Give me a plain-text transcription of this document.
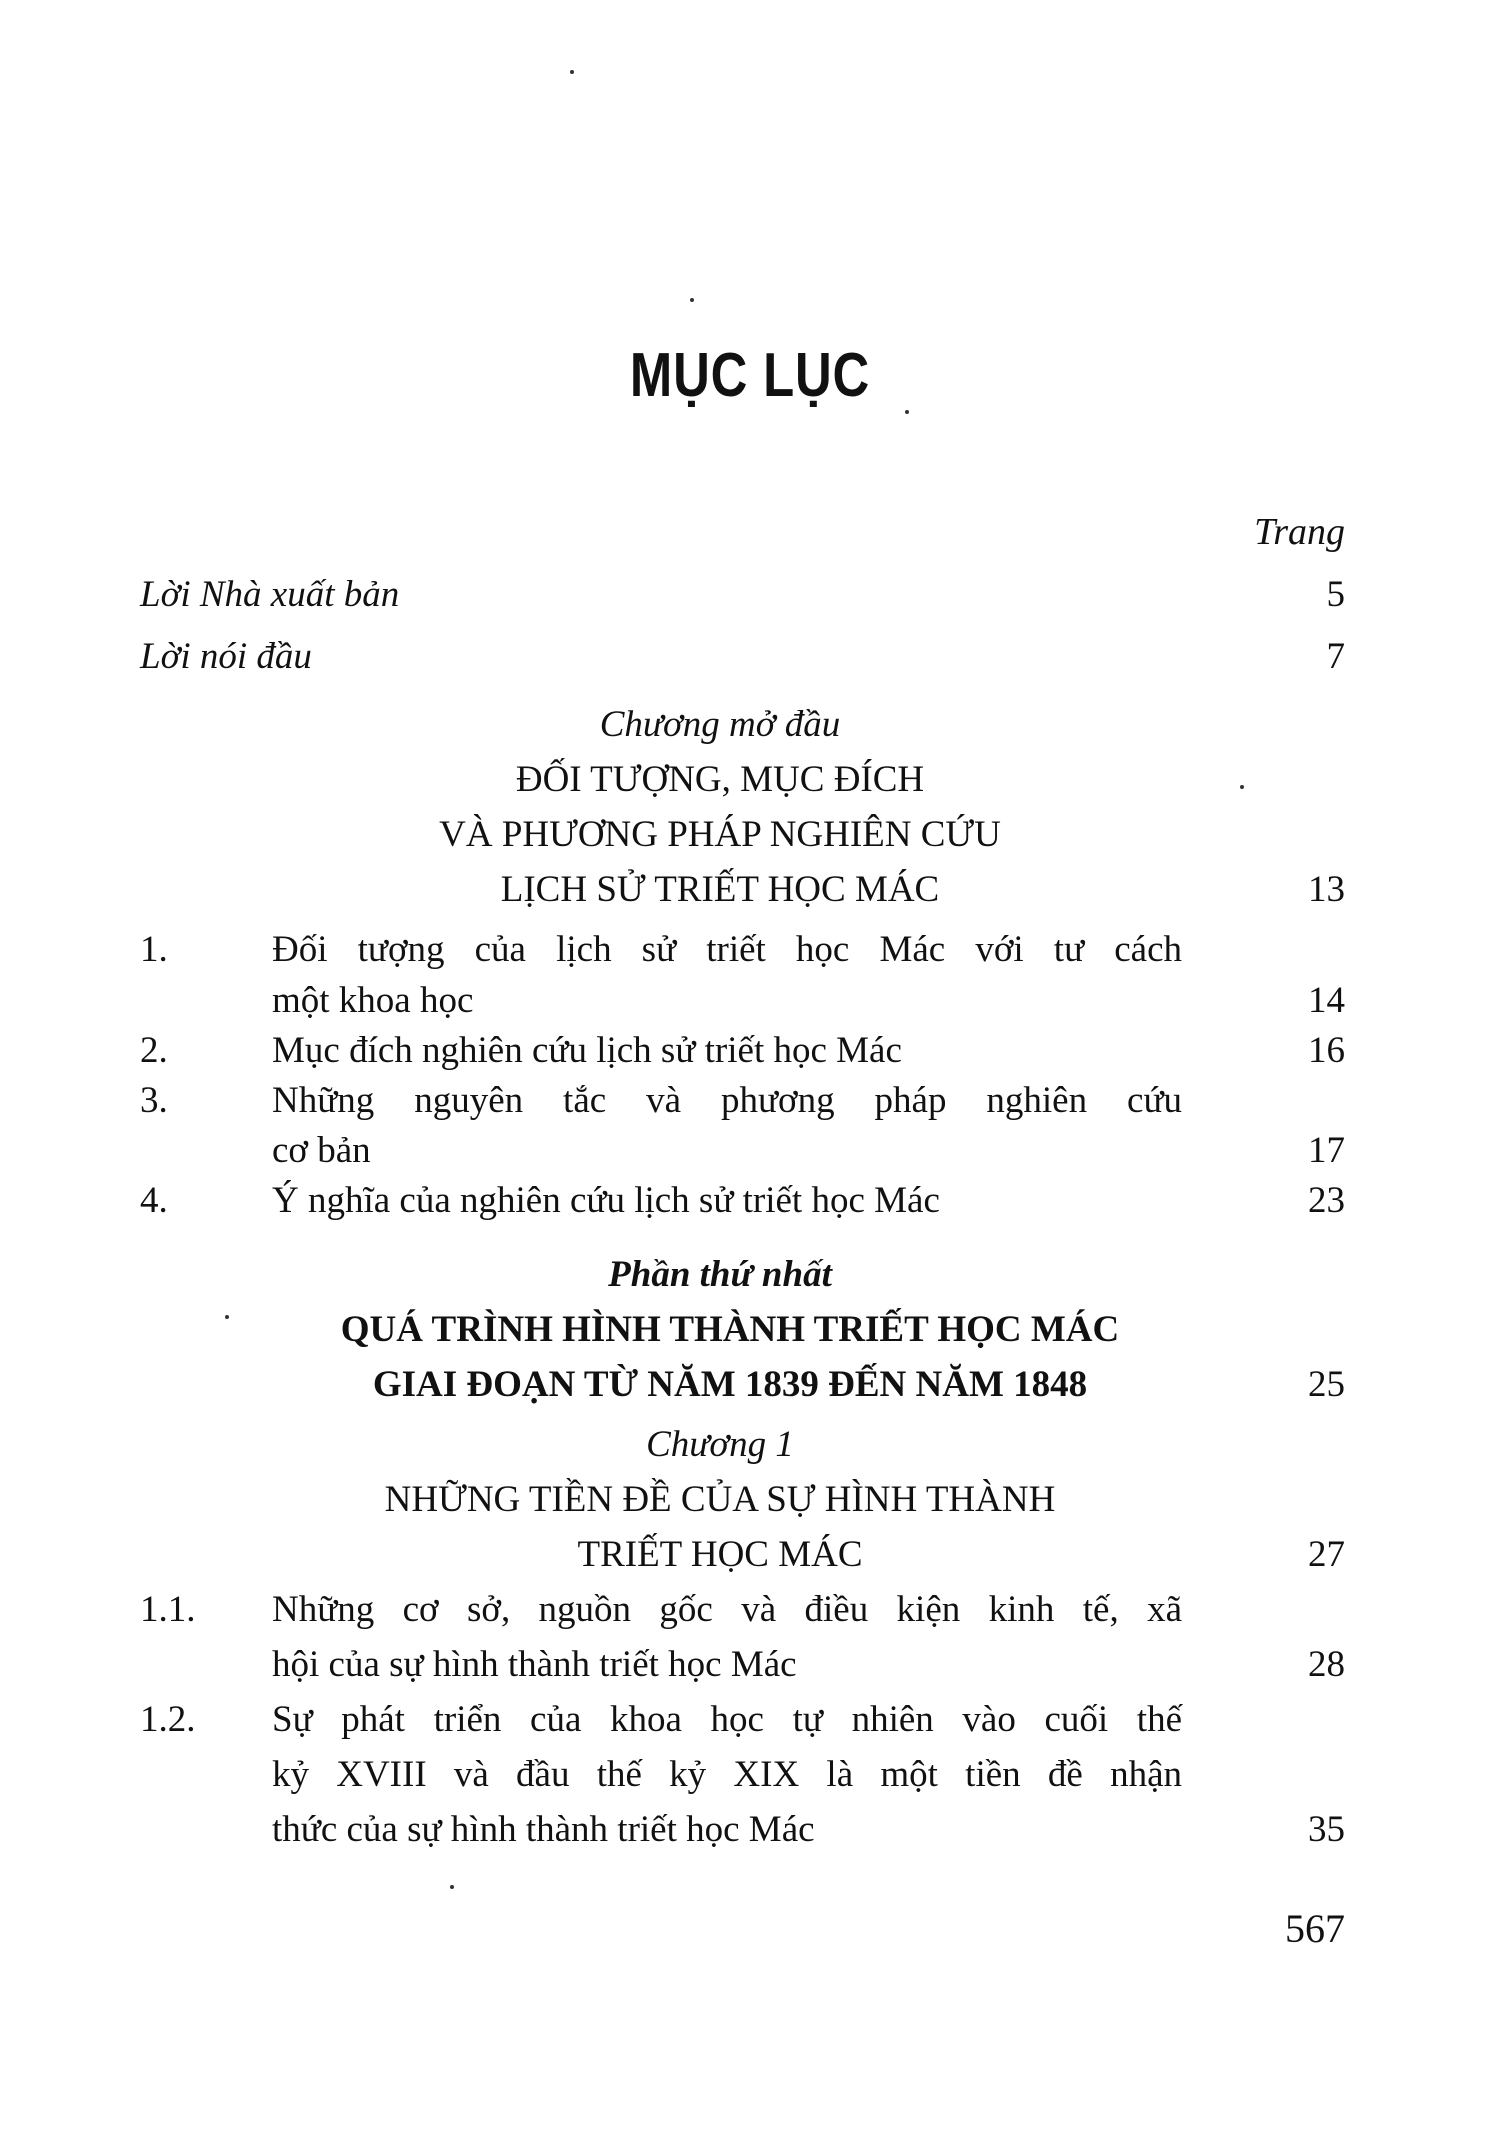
MỤC LỤC
Trang
Lời Nhà xuất bản	5
Lời nói đầu	7
Chương mở đầu
ĐỐI TƯỢNG, MỤC ĐÍCH
VÀ PHƯƠNG PHÁP NGHIÊN CỨU
LỊCH SỬ TRIẾT HỌC MÁC	13
1.	Đối tượng của lịch sử triết học Mác với tư cách
một khoa học	14
2.	Mục đích nghiên cứu lịch sử triết học Mác	16
3.	Những nguyên tắc và phương pháp nghiên cứu
cơ bản	17
4.	Ý nghĩa của nghiên cứu lịch sử triết học Mác	23
Phần thứ nhất
QUÁ TRÌNH HÌNH THÀNH TRIẾT HỌC MÁC
GIAI ĐOẠN TỪ NĂM 1839 ĐẾN NĂM 1848	25
Chương 1
NHỮNG TIỀN ĐỀ CỦA SỰ HÌNH THÀNH
TRIẾT HỌC MÁC	27
1.1. Những cơ sở, nguồn gốc và điều kiện kinh tế, xã
hội của sự hình thành triết học Mác	28
1.2. Sự phát triển của khoa học tự nhiên vào cuối thế
kỷ XVIII và đầu thế kỷ XIX là một tiền đề nhận
thức của sự hình thành triết học Mác	35
567
